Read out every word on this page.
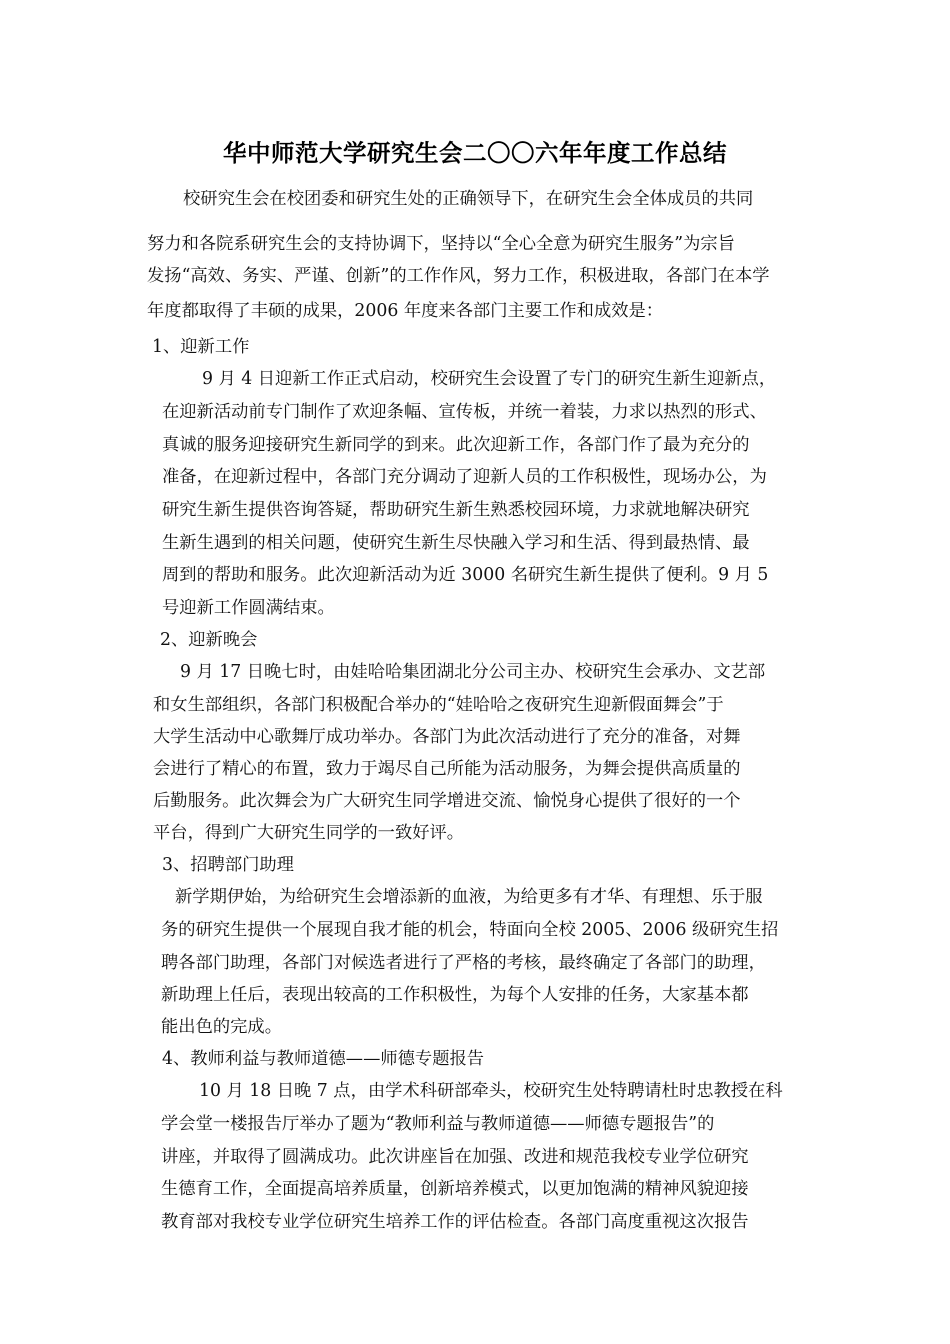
华中师范大学研究生会二〇〇六年年度工作总结
校研究生会在校团委和研究生处的正确领导下，在研究生会全体成员的共同
努力和各院系研究生会的支持协调下，坚持以“全心全意为研究生服务”为宗旨
发扬“高效、务实、严谨、创新”的工作作风，努力工作，积极进取，各部门在本学
年度都取得了丰硕的成果，2006 年度来各部门主要工作和成效是：
1、迎新工作
9 月 4 日迎新工作正式启动，校研究生会设置了专门的研究生新生迎新点，
在迎新活动前专门制作了欢迎条幅、宣传板，并统一着装，力求以热烈的形式、
真诚的服务迎接研究生新同学的到来。此次迎新工作，各部门作了最为充分的
准备，在迎新过程中，各部门充分调动了迎新人员的工作积极性，现场办公，为
研究生新生提供咨询答疑，帮助研究生新生熟悉校园环境，力求就地解决研究
生新生遇到的相关问题，使研究生新生尽快融入学习和生活、得到最热情、最
周到的帮助和服务。此次迎新活动为近 3000 名研究生新生提供了便利。9 月 5
号迎新工作圆满结束。
2、迎新晚会
9 月 17 日晚七时，由娃哈哈集团湖北分公司主办、校研究生会承办、文艺部
和女生部组织，各部门积极配合举办的“娃哈哈之夜研究生迎新假面舞会”于
大学生活动中心歌舞厅成功举办。各部门为此次活动进行了充分的准备，对舞
会进行了精心的布置，致力于竭尽自己所能为活动服务，为舞会提供高质量的
后勤服务。此次舞会为广大研究生同学增进交流、愉悦身心提供了很好的一个
平台，得到广大研究生同学的一致好评。
3、招聘部门助理
新学期伊始，为给研究生会增添新的血液，为给更多有才华、有理想、乐于服
务的研究生提供一个展现自我才能的机会，特面向全校 2005、2006 级研究生招
聘各部门助理，各部门对候选者进行了严格的考核，最终确定了各部门的助理，
新助理上任后，表现出较高的工作积极性，为每个人安排的任务，大家基本都
能出色的完成。
4、教师利益与教师道德——师德专题报告
10 月 18 日晚 7 点，由学术科研部牵头，校研究生处特聘请杜时忠教授在科
学会堂一楼报告厅举办了题为“教师利益与教师道德——师德专题报告”的
讲座，并取得了圆满成功。此次讲座旨在加强、改进和规范我校专业学位研究
生德育工作，全面提高培养质量，创新培养模式，以更加饱满的精神风貌迎接
教育部对我校专业学位研究生培养工作的评估检查。各部门高度重视这次报告
